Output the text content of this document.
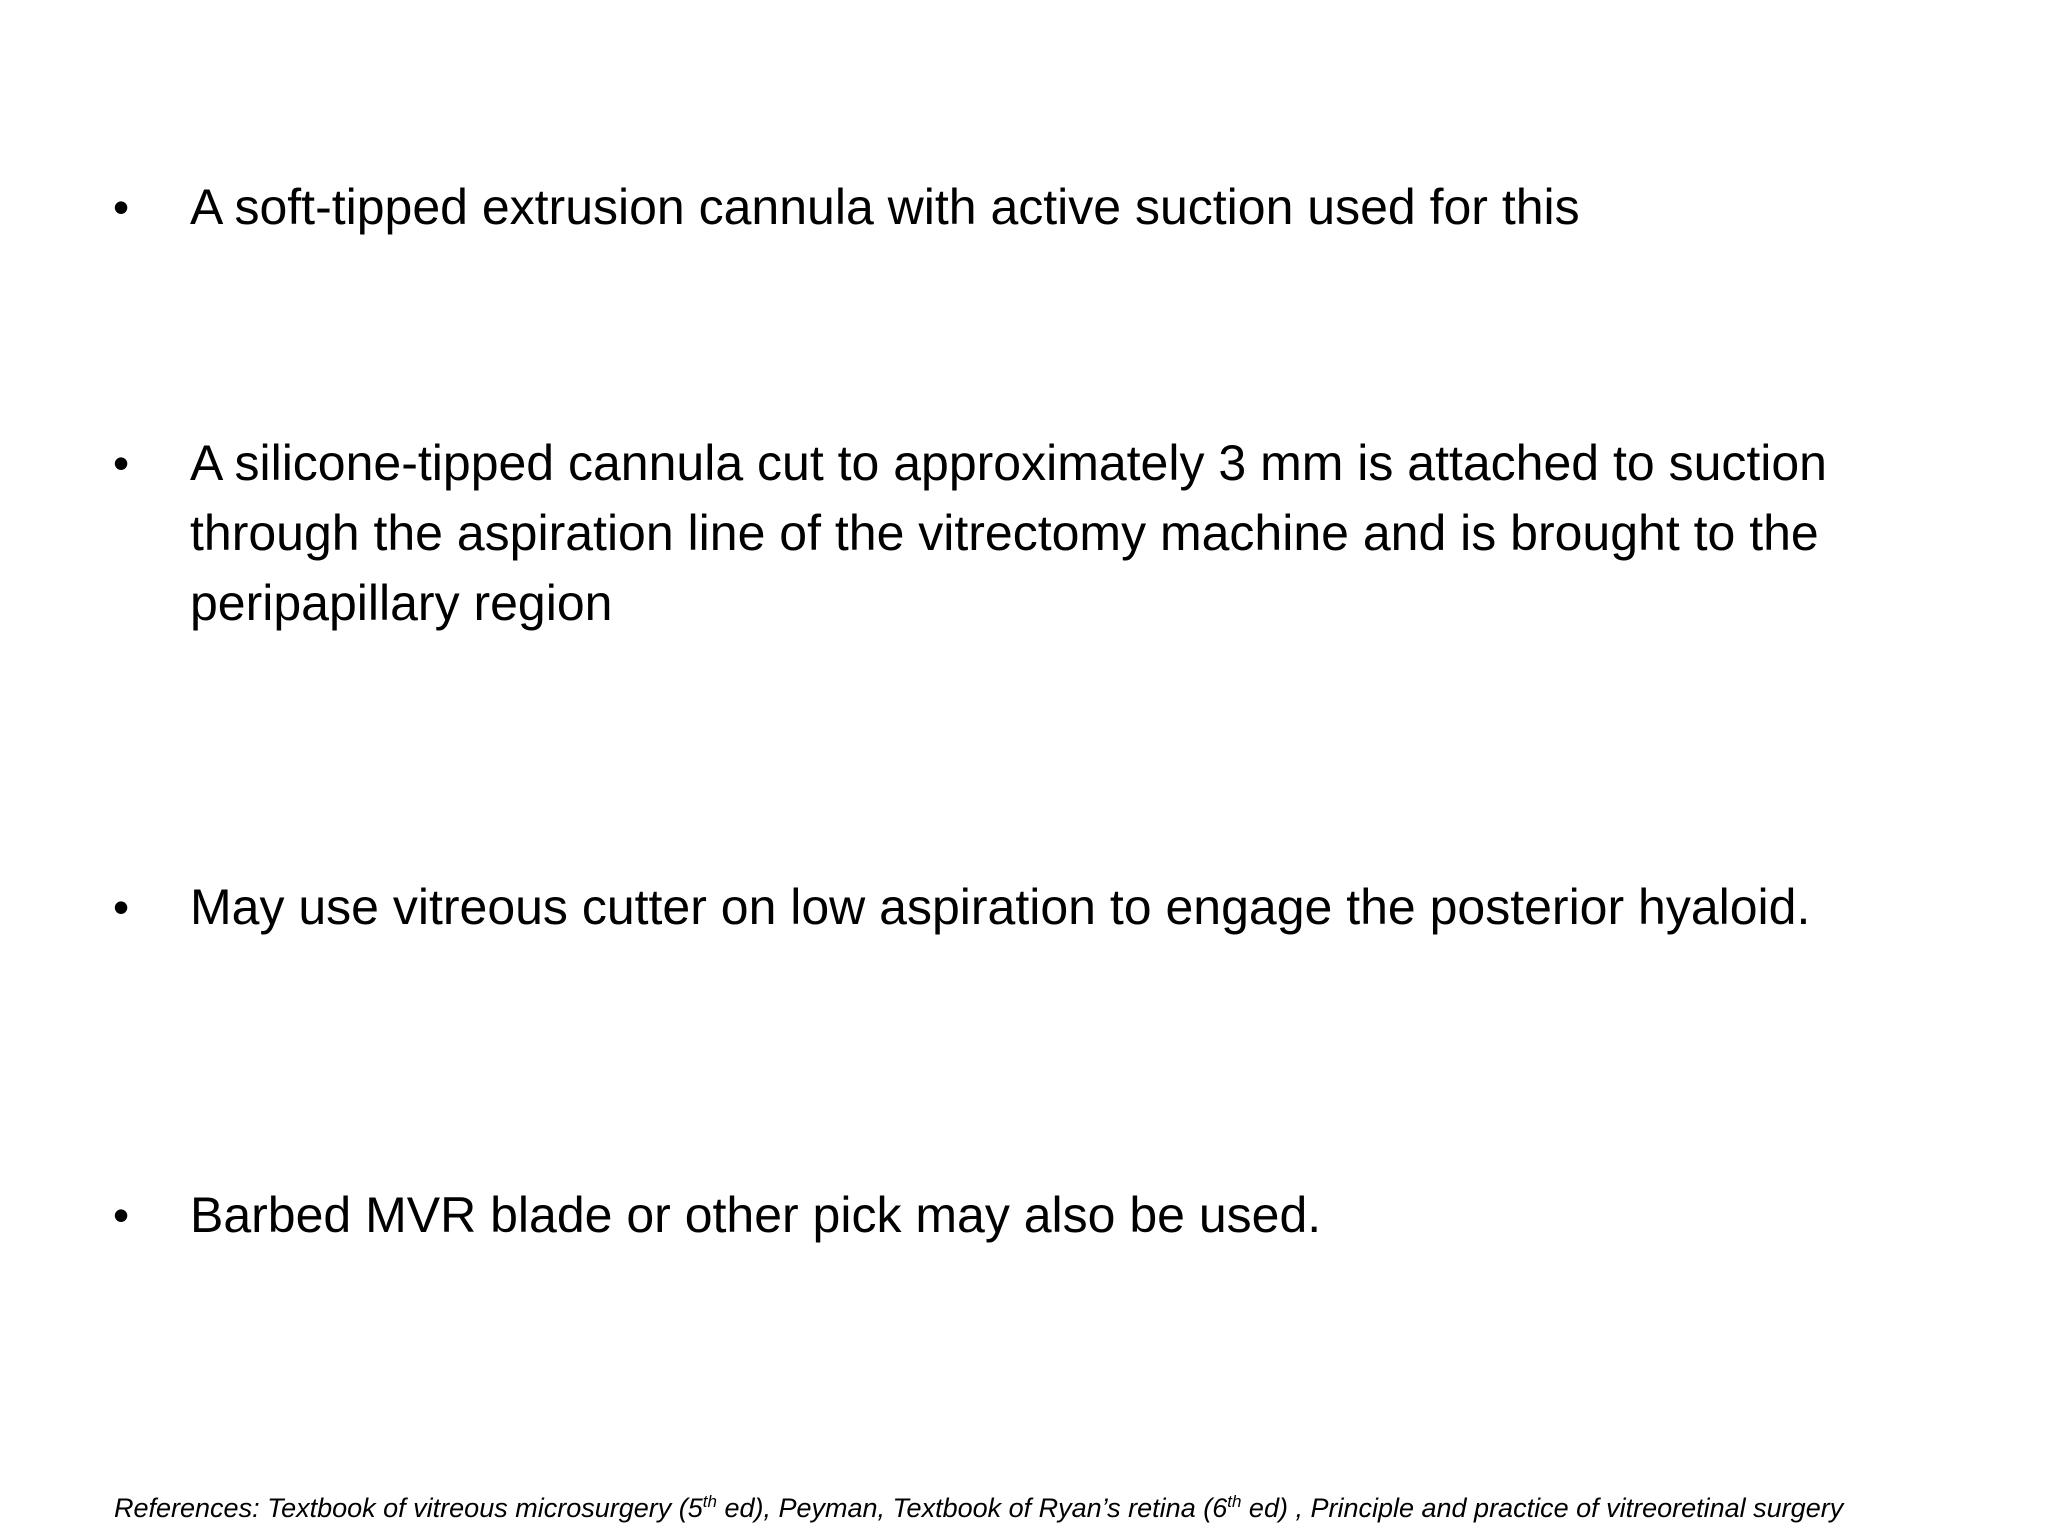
• A soft-tipped extrusion cannula with active suction used for this
• A silicone-tipped cannula cut to approximately 3 mm is attached to suction through the aspiration line of the vitrectomy machine and is brought to the peripapillary region
• May use vitreous cutter on low aspiration to engage the posterior hyaloid.
• Barbed MVR blade or other pick may also be used.
References: Textbook of vitreous microsurgery (5th ed), Peyman, Textbook of Ryan’s retina (6th ed) , Principle and practice of vitreoretinal surgery
